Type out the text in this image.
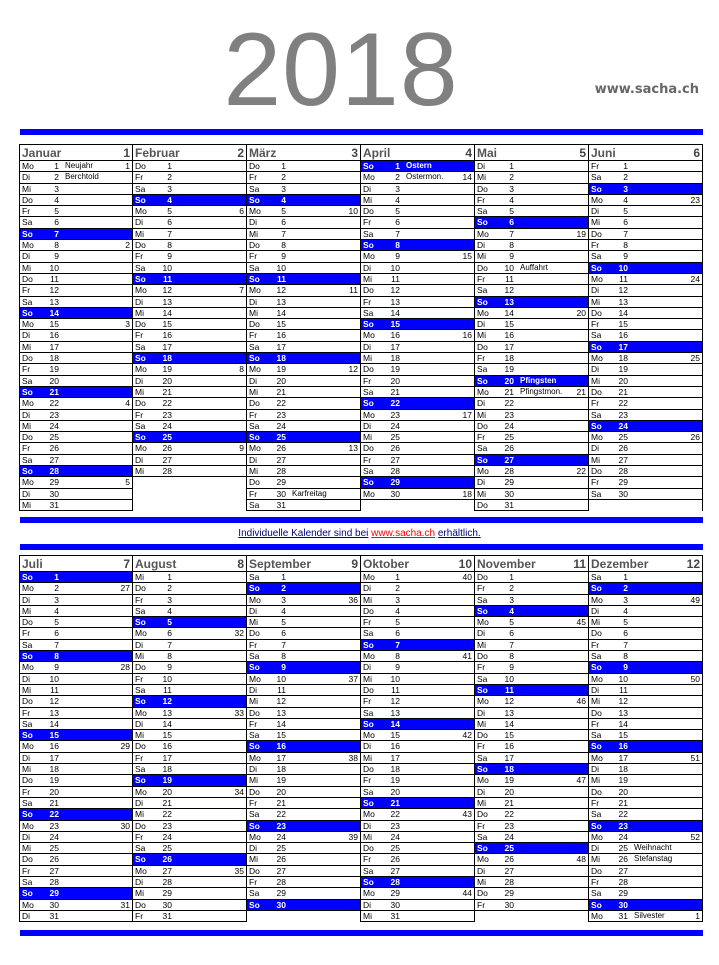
2018	www.sacha.ch
Januar	1
Mo	1 Neujahr	1
Di	2 Berchtold
Mi	3
Do	4
Fr	5
Sa	6
So	7
Mo	8	2
Di	9
Mi	10
Do	11
Fr	12
Sa	13
So	14
Mo	15	3
Di	16
Mi	17
Do	18
Fr	19
Sa	20
So	21
Mo	22	4
Di	23
Mi	24
Do	25
Fr	26
Sa	27
So	28
Mo	29	5
Di	30
Mi	31
Februar	2
Do	1
Fr	2
Sa	3
So	4
Mo	5	6
Di	6
Mi	7
Do	8
Fr	9
Sa	10
So	11
Mo	12	7
Di	13
Mi	14
Do	15
Fr	16
Sa	17
So	18
Mo	19	8
Di	20
Mi	21
Do	22
Fr	23
Sa	24
So	25
Mo	26	9
Di	27
Mi	28
März	3
Do	1
Fr	2
Sa	3
So	4
Mo	5	10
Di	6
Mi	7
Do	8
Fr	9
Sa	10
So	11
Mo	12	11
Di	13
Mi	14
Do	15
Fr	16
Sa	17
So	18
Mo	19	12
Di	20
Mi	21
Do	22
Fr	23
Sa	24
So	25
Mo	26	13
Di	27
Mi	28
Do	29
Fr	30 Karfreitag
Sa	31
April	4
So	1 Ostern
Mo	2 Ostermon. 14
Di	3
Mi	4
Do	5
Fr	6
Sa	7
So	8
Mo	9	15
Di	10
Mi	11
Do	12
Fr	13
Sa	14
So	15
Mo	16	16
Di	17
Mi	18
Do	19
Fr	20
Sa	21
So	22
Mo	23	17
Di	24
Mi	25
Do	26
Fr	27
Sa	28
So	29
Mo	30	18
Mai	5
Di	1
Mi	2
Do	3
Fr	4
Sa	5
So	6
Mo	7	19
Di	8
Mi	9
Do	10 Auffahrt
Fr	11
Sa	12
So	13
Mo	14	20
Di	15
Mi	16
Do	17
Fr	18
Sa	19
So	20 Pfingsten
Mo	21 Pfingstmon. 21
Di	22
Mi	23
Do	24
Fr	25
Sa	26
So	27
Mo	28	22
Di	29
Mi	30
Do	31
Juni	6
Fr	1
Sa	2
So	3
Mo	4	23
Di	5
Mi	6
Do	7
Fr	8
Sa	9
So	10
Mo	11	24
Di	12
Mi	13
Do	14
Fr	15
Sa	16
So	17
Mo	18	25
Di	19
Mi	20
Do	21
Fr	22
Sa	23
So	24
Mo	25	26
Di	26
Mi	27
Do	28
Fr	29
Sa	30
Individuelle Kalender sind bei www.sacha.ch erhältlich.
Juli	7
So	1
Mo	2	27
Di	3
Mi	4
Do	5
Fr	6
Sa	7
So	8
Mo	9	28
Di	10
Mi	11
Do	12
Fr	13
Sa	14
So	15
Mo	16	29
Di	17
Mi	18
Do	19
Fr	20
Sa	21
So	22
Mo	23	30
Di	24
Mi	25
Do	26
Fr	27
Sa	28
So	29
Mo	30	31
Di	31
August	8
Mi	1
Do	2
Fr	3
Sa	4
So	5
Mo	6	32
Di	7
Mi	8
Do	9
Fr	10
Sa	11
So	12
Mo	13	33
Di	14
Mi	15
Do	16
Fr	17
Sa	18
So	19
Mo	20	34
Di	21
Mi	22
Do	23
Fr	24
Sa	25
So	26
Mo	27	35
Di	28
Mi	29
Do	30
Fr	31
September	9
Sa	1
So	2
Mo	3	36
Di	4
Mi	5
Do	6
Fr	7
Sa	8
So	9
Mo	10	37
Di	11
Mi	12
Do	13
Fr	14
Sa	15
So	16
Mo	17	38
Di	18
Mi	19
Do	20
Fr	21
Sa	22
So	23
Mo	24	39
Di	25
Mi	26
Do	27
Fr	28
Sa	29
So	30
Oktober	10
Mo	1	40
Di	2
Mi	3
Do	4
Fr	5
Sa	6
So	7
Mo	8	41
Di	9
Mi	10
Do	11
Fr	12
Sa	13
So	14
Mo	15	42
Di	16
Mi	17
Do	18
Fr	19
Sa	20
So	21
Mo	22	43
Di	23
Mi	24
Do	25
Fr	26
Sa	27
So	28
Mo	29	44
Di	30
Mi	31
November	11
Do	1
Fr	2
Sa	3
So	4
Mo	5	45
Di	6
Mi	7
Do	8
Fr	9
Sa	10
So	11
Mo	12	46
Di	13
Mi	14
Do	15
Fr	16
Sa	17
So	18
Mo	19	47
Di	20
Mi	21
Do	22
Fr	23
Sa	24
So	25
Mo	26	48
Di	27
Mi	28
Do	29
Fr	30
Dezember	12
Sa	1
So	2
Mo	3	49
Di	4
Mi	5
Do	6
Fr	7
Sa	8
So	9
Mo	10	50
Di	11
Mi	12
Do	13
Fr	14
Sa	15
So	16
Mo	17	51
Di	18
Mi	19
Do	20
Fr	21
Sa	22
So	23
Mo	24	52
Di	25 Weihnacht
Mi	26 Stefanstag
Do	27
Fr	28
Sa	29
So	30
Mo	31 Silvester	1
